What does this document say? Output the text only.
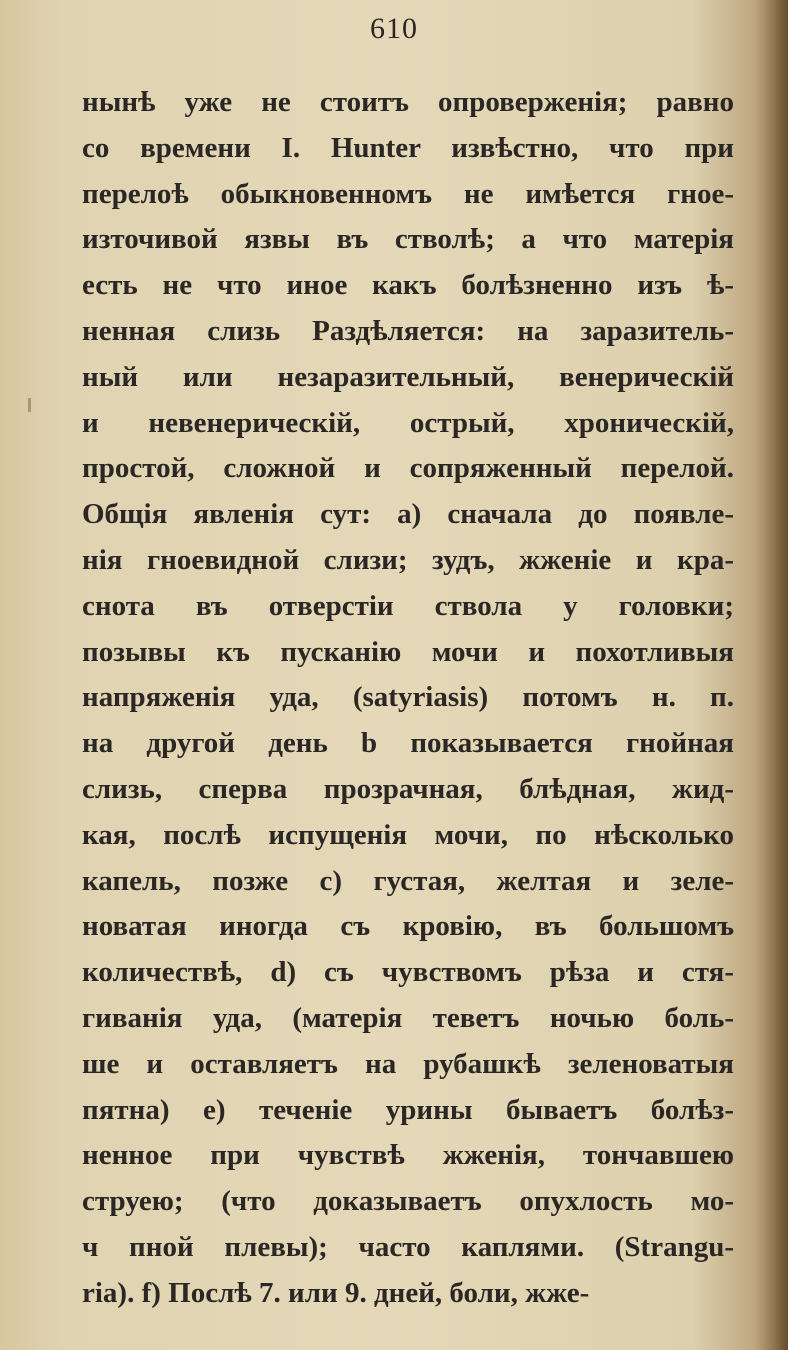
610
нынѣ уже не стоитъ опроверженія; равно
со времени I. Hunter извѣстно, что при
перелоѣ обыкновенномъ не имѣется гное-
източивой язвы въ стволѣ; а что матерія
есть не что иное какъ болѣзненно изъ ѣ-
ненная слизь Раздѣляется: на заразитель-
ный или незаразительный, венерическій
и невенерическій, острый, хроническій,
простой, сложной и сопряженный перелой.
Общія явленія сут: а) сначала до появле-
нія гноевидной слизи; зудъ, жженіе и кра-
снота въ отверстіи ствола у головки;
позывы къ пусканію мочи и похотливыя
напряженія уда, (satyriasis) потомъ н. п.
на другой день b показывается гнойная
слизь, сперва прозрачная, блѣдная, жид-
кая, послѣ испущенія мочи, по нѣсколько
капель, позже с) густая, желтая и зеле-
новатая иногда съ кровію, въ большомъ
количествѣ, d) съ чувствомъ рѣза и стя-
гиванія уда, (матерія теветъ ночью боль-
ше и оставляетъ на рубашкѣ зеленоватыя
пятна) е) теченіе урины бываетъ болѣз-
ненное при чувствѣ жженія, тончавшею
струею; (что доказываетъ опухлость мо-
ч пной плевы); часто каплями. (Strangu-
ria). f) Послѣ 7. или 9. дней, боли, жже-
